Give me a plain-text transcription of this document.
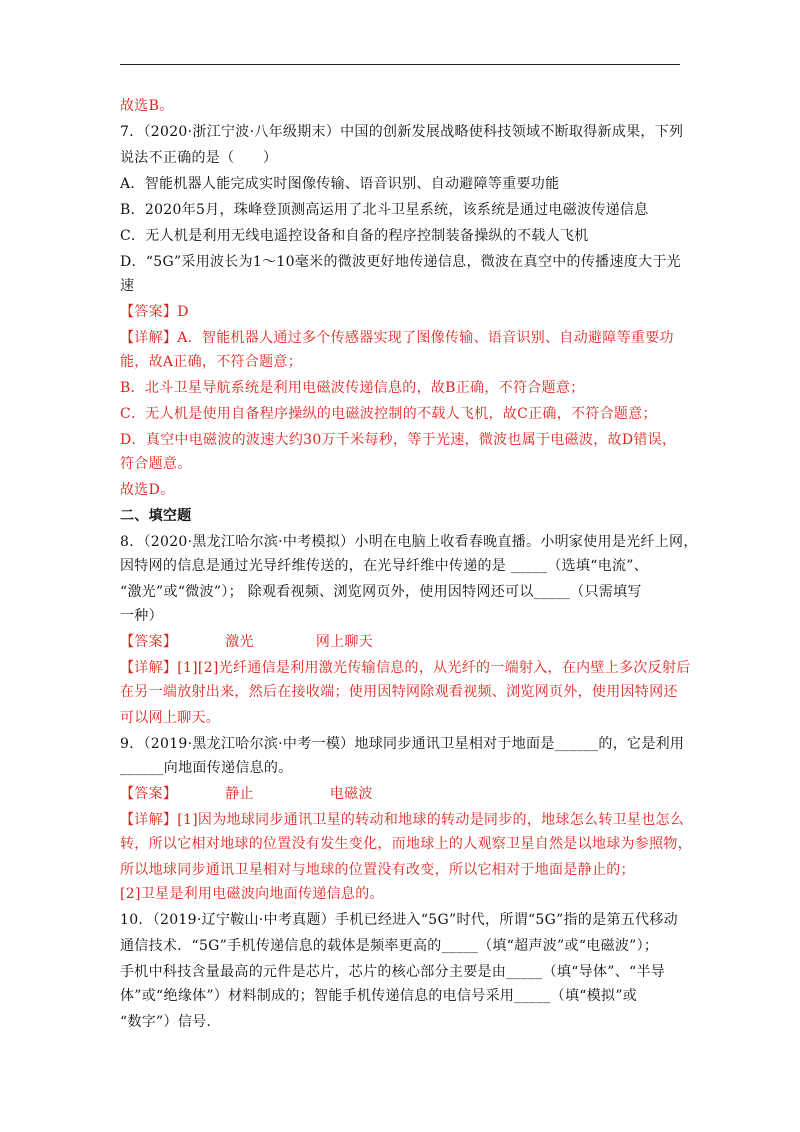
故选B。
7．（2020·浙江宁波·八年级期末）中国的创新发展战略使科技领域不断取得新成果，下列
说法不正确的是（　　）
A．智能机器人能完成实时图像传输、语音识别、自动避障等重要功能
B．2020年5月，珠峰登顶测高运用了北斗卫星系统，该系统是通过电磁波传递信息
C．无人机是利用无线电遥控设备和自备的程序控制装备操纵的不载人飞机
D．“5G”采用波长为1～10毫米的微波更好地传递信息，微波在真空中的传播速度大于光
速
【答案】D
【详解】A．智能机器人通过多个传感器实现了图像传输、语音识别、自动避障等重要功
能，故A正确，不符合题意；
B．北斗卫星导航系统是利用电磁波传递信息的，故B正确，不符合题意；
C．无人机是使用自备程序操纵的电磁波控制的不载人飞机，故C正确，不符合题意；
D．真空中电磁波的波速大约30万千米每秒，等于光速，微波也属于电磁波，故D错误，
符合题意。
故选D。
二、填空题
8．（2020·黑龙江哈尔滨·中考模拟）小明在电脑上收看春晚直播。小明家使用是光纤上网，
因特网的信息是通过光导纤维传送的，在光导纤维中传递的是 _____（选填“电流”、
“激光”或“微波”）； 除观看视频、浏览网页外，使用因特网还可以_____（只需填写
一种）
【答案】	激光	网上聊天
【详解】[1][2]光纤通信是利用激光传输信息的，从光纤的一端射入，在内壁上多次反射后
在另一端放射出来，然后在接收端；使用因特网除观看视频、浏览网页外，使用因特网还
可以网上聊天。
9．（2019·黑龙江哈尔滨·中考一模）地球同步通讯卫星相对于地面是______的，它是利用
______向地面传递信息的。
【答案】	静止	电磁波
【详解】[1]因为地球同步通讯卫星的转动和地球的转动是同步的，地球怎么转卫星也怎么
转，所以它相对地球的位置没有发生变化，而地球上的人观察卫星自然是以地球为参照物，
所以地球同步通讯卫星相对与地球的位置没有改变，所以它相对于地面是静止的；
[2]卫星是利用电磁波向地面传递信息的。
10．（2019·辽宁鞍山·中考真题）手机已经进入“5G”时代，所谓“5G”指的是第五代移动
通信技术．“5G”手机传递信息的载体是频率更高的_____（填“超声波”或“电磁波”）；
手机中科技含量最高的元件是芯片，芯片的核心部分主要是由_____（填“导体”、“半导
体”或“绝缘体”）材料制成的；智能手机传递信息的电信号采用_____（填“模拟”或
“数字”）信号.
